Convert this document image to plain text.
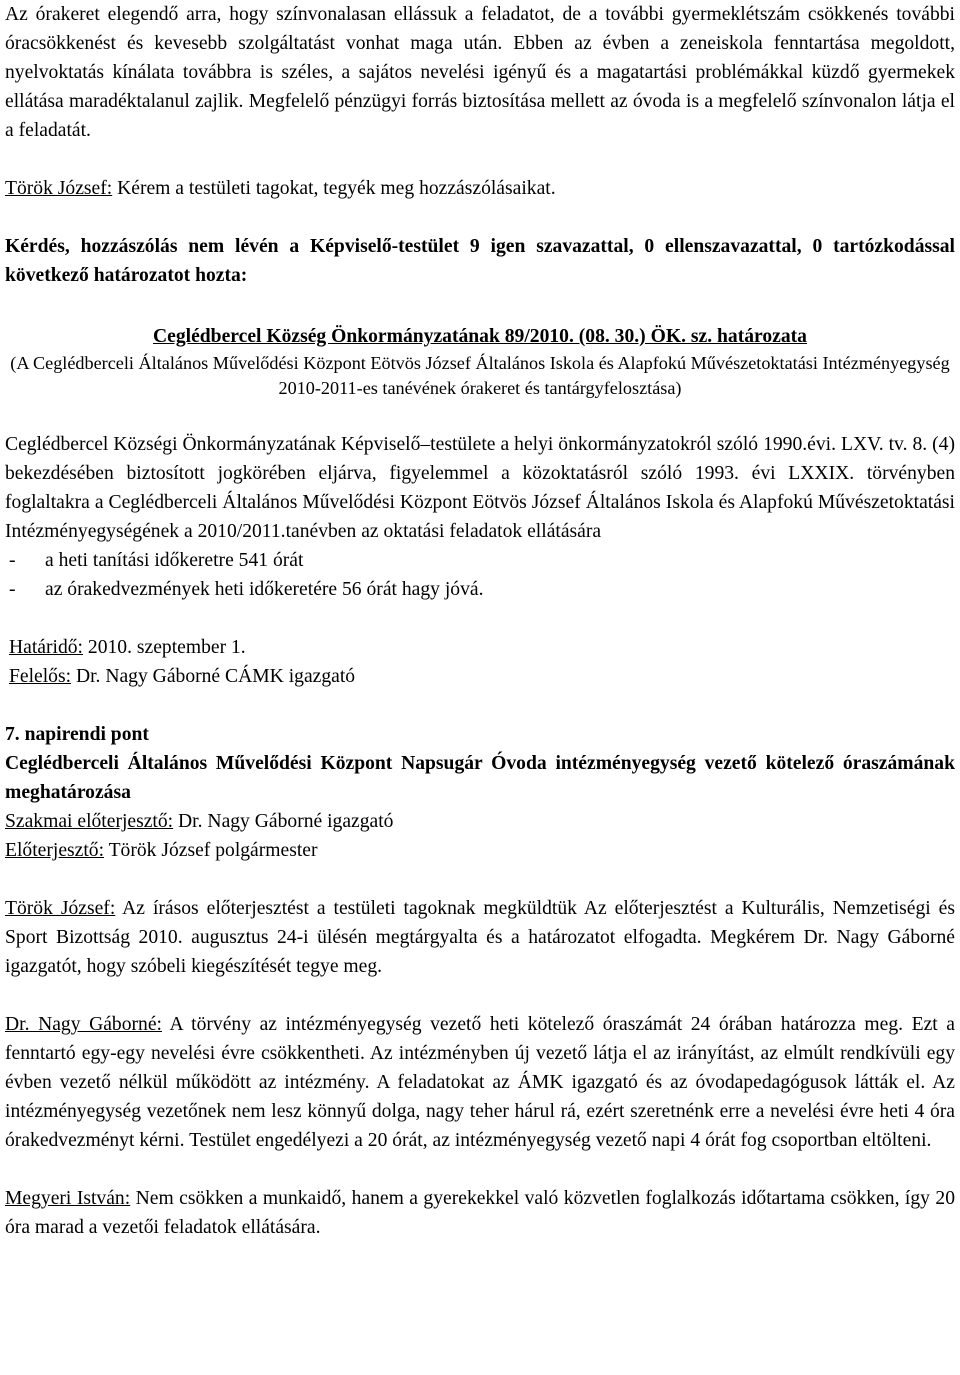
Az órakeret elegendő arra, hogy színvonalasan ellássuk a feladatot, de a további gyermeklétszám csökkenés további óracsökkenést és kevesebb szolgáltatást vonhat maga után. Ebben az évben a zeneiskola fenntartása megoldott, nyelvoktatás kínálata továbbra is széles, a sajátos nevelési igényű és a magatartási problémákkal küzdő gyermekek ellátása maradéktalanul zajlik. Megfelelő pénzügyi forrás biztosítása mellett az óvoda is a megfelelő színvonalon látja el a feladatát.

Török József: Kérem a testületi tagokat, tegyék meg hozzászólásaikat.

Kérdés, hozzászólás nem lévén a Képviselő-testület 9 igen szavazattal, 0 ellenszavazattal, 0 tartózkodással következő határozatot hozta:

Ceglédbercel Község Önkormányzatának 89/2010. (08. 30.) ÖK. sz. határozata

(A Ceglédberceli Általános Művelődési Központ Eötvös József Általános Iskola és Alapfokú Művészetoktatási Intézményegység 2010-2011-es tanévének órakeret és tantárgyfelosztása)

Ceglédbercel Községi Önkormányzatának Képviselő–testülete a helyi önkormányzatokról szóló 1990.évi. LXV. tv. 8. (4) bekezdésében biztosított jogkörében eljárva, figyelemmel a közoktatásról szóló 1993. évi LXXIX. törvényben foglaltakra a Ceglédberceli Általános Művelődési Központ Eötvös József Általános Iskola és Alapfokú Művészetoktatási Intézményegységének a 2010/2011.tanévben az oktatási feladatok ellátására

-	a heti tanítási időkeretre 541 órát
-	az órakedvezmények heti időkeretére 56 órát hagy jóvá.

Határidő: 2010. szeptember 1.

Felelős: Dr. Nagy Gáborné CÁMK igazgató

7. napirendi pont

Ceglédberceli Általános Művelődési Központ Napsugár Óvoda intézményegység vezető kötelező óraszámának meghatározása

Szakmai előterjesztő: Dr. Nagy Gáborné igazgató

Előterjesztő: Török József polgármester

Török József: Az írásos előterjesztést a testületi tagoknak megküldtük Az előterjesztést a Kulturális, Nemzetiségi és Sport Bizottság 2010. augusztus 24-i ülésén megtárgyalta és a határozatot elfogadta. Megkérem Dr. Nagy Gáborné igazgatót, hogy szóbeli kiegészítését tegye meg.

Dr. Nagy Gáborné: A törvény az intézményegység vezető heti kötelező óraszámát 24 órában határozza meg. Ezt a fenntartó egy-egy nevelési évre csökkentheti. Az intézményben új vezető látja el az irányítást, az elmúlt rendkívüli egy évben vezető nélkül működött az intézmény. A feladatokat az ÁMK igazgató és az óvodapedagógusok látták el. Az intézményegység vezetőnek nem lesz könnyű dolga, nagy teher hárul rá, ezért szeretnénk erre a nevelési évre heti 4 óra órakedvezményt kérni. Testület engedélyezi a 20 órát, az intézményegység vezető napi 4 órát fog csoportban eltölteni.

Megyeri István: Nem csökken a munkaidő, hanem a gyerekekkel való közvetlen foglalkozás időtartama csökken, így 20 óra marad a vezetői feladatok ellátására.
